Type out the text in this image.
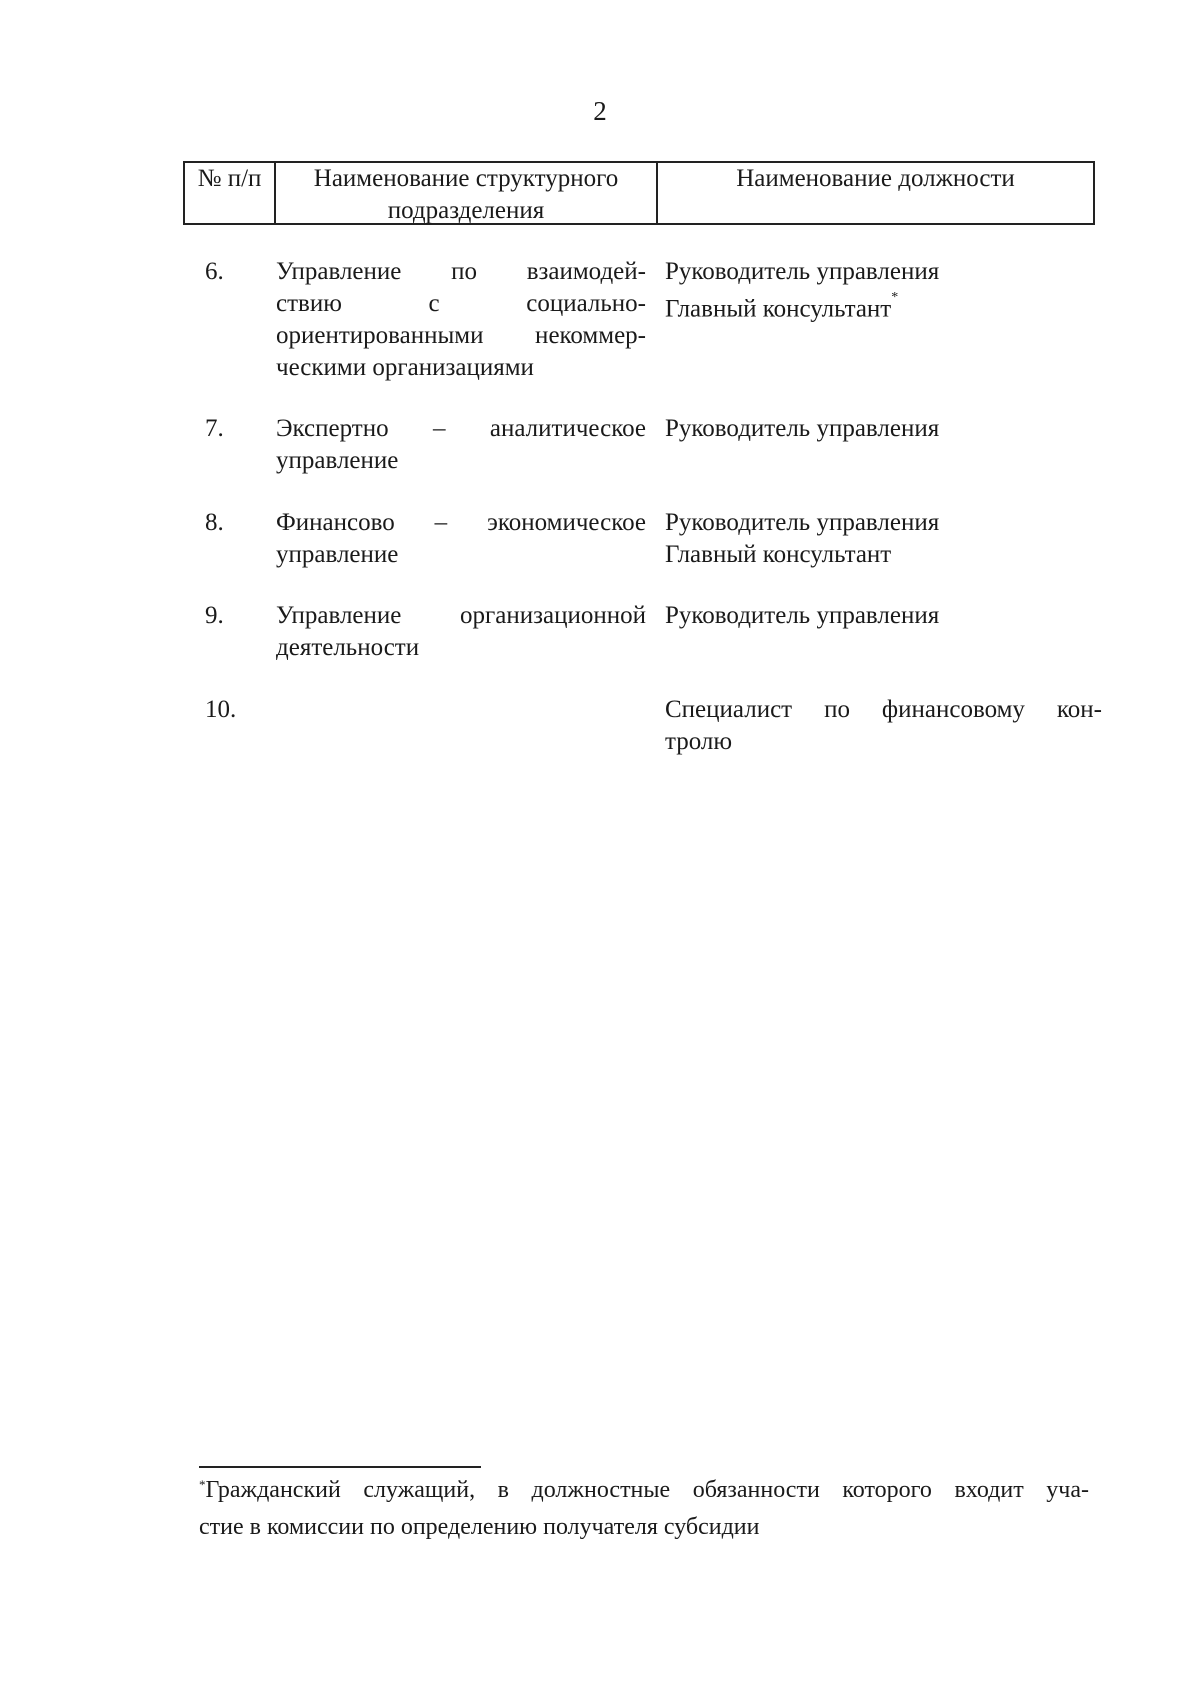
2
№ п/п	Наименование структурного
подразделения
Наименование должности
6. Управление по взаимодей-
ствию с социально-
ориентированными некоммер-
ческими организациями
Руководитель управления
Главный консультант*
7. Экспертно – аналитическое
управление
Руководитель управления
8. Финансово – экономическое
управление
Руководитель управления
Главный консультант
9. Управление организационной
деятельности
Руководитель управления
10.	Специалист по финансовому кон-
тролю
*Гражданский служащий, в должностные обязанности которого входит уча-
стие в комиссии по определению получателя субсидии
